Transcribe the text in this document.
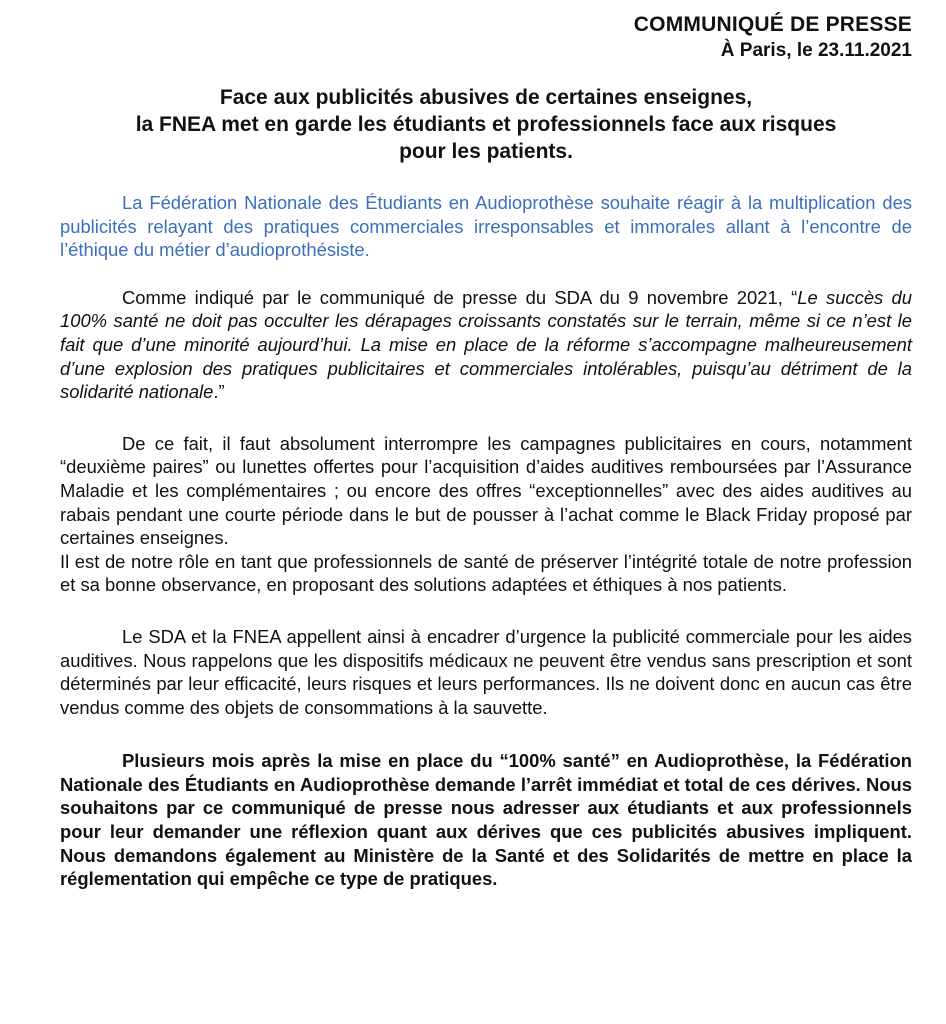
COMMUNIQUÉ DE PRESSE
À Paris, le 23.11.2021
Face aux publicités abusives de certaines enseignes,
la FNEA met en garde les étudiants et professionnels face aux risques
pour les patients.

La Fédération Nationale des Étudiants en Audioprothèse souhaite réagir à la multiplication des publicités relayant des pratiques commerciales irresponsables et immorales allant à l’encontre de l’éthique du métier d’audioprothésiste.

Comme indiqué par le communiqué de presse du SDA du 9 novembre 2021, “Le succès du 100% santé ne doit pas occulter les dérapages croissants constatés sur le terrain, même si ce n’est le fait que d’une minorité aujourd’hui. La mise en place de la réforme s’accompagne malheureusement d’une explosion des pratiques publicitaires et commerciales intolérables, puisqu’au détriment de la solidarité nationale.”

De ce fait, il faut absolument interrompre les campagnes publicitaires en cours, notamment “deuxième paires” ou lunettes offertes pour l’acquisition d’aides auditives remboursées par l’Assurance Maladie et les complémentaires ; ou encore des offres “exceptionnelles” avec des aides auditives au rabais pendant une courte période dans le but de pousser à l’achat comme le Black Friday proposé par certaines enseignes.

Il est de notre rôle en tant que professionnels de santé de préserver l’intégrité totale de notre profession et sa bonne observance, en proposant des solutions adaptées et éthiques à nos patients.

Le SDA et la FNEA appellent ainsi à encadrer d’urgence la publicité commerciale pour les aides auditives. Nous rappelons que les dispositifs médicaux ne peuvent être vendus sans prescription et sont déterminés par leur efficacité, leurs risques et leurs performances. Ils ne doivent donc en aucun cas être vendus comme des objets de consommations à la sauvette.

Plusieurs mois après la mise en place du “100% santé” en Audioprothèse, la Fédération Nationale des Étudiants en Audioprothèse demande l’arrêt immédiat et total de ces dérives. Nous souhaitons par ce communiqué de presse nous adresser aux étudiants et aux professionnels pour leur demander une réflexion quant aux dérives que ces publicités abusives impliquent. Nous demandons également au Ministère de la Santé et des Solidarités de mettre en place la réglementation qui empêche ce type de pratiques.
